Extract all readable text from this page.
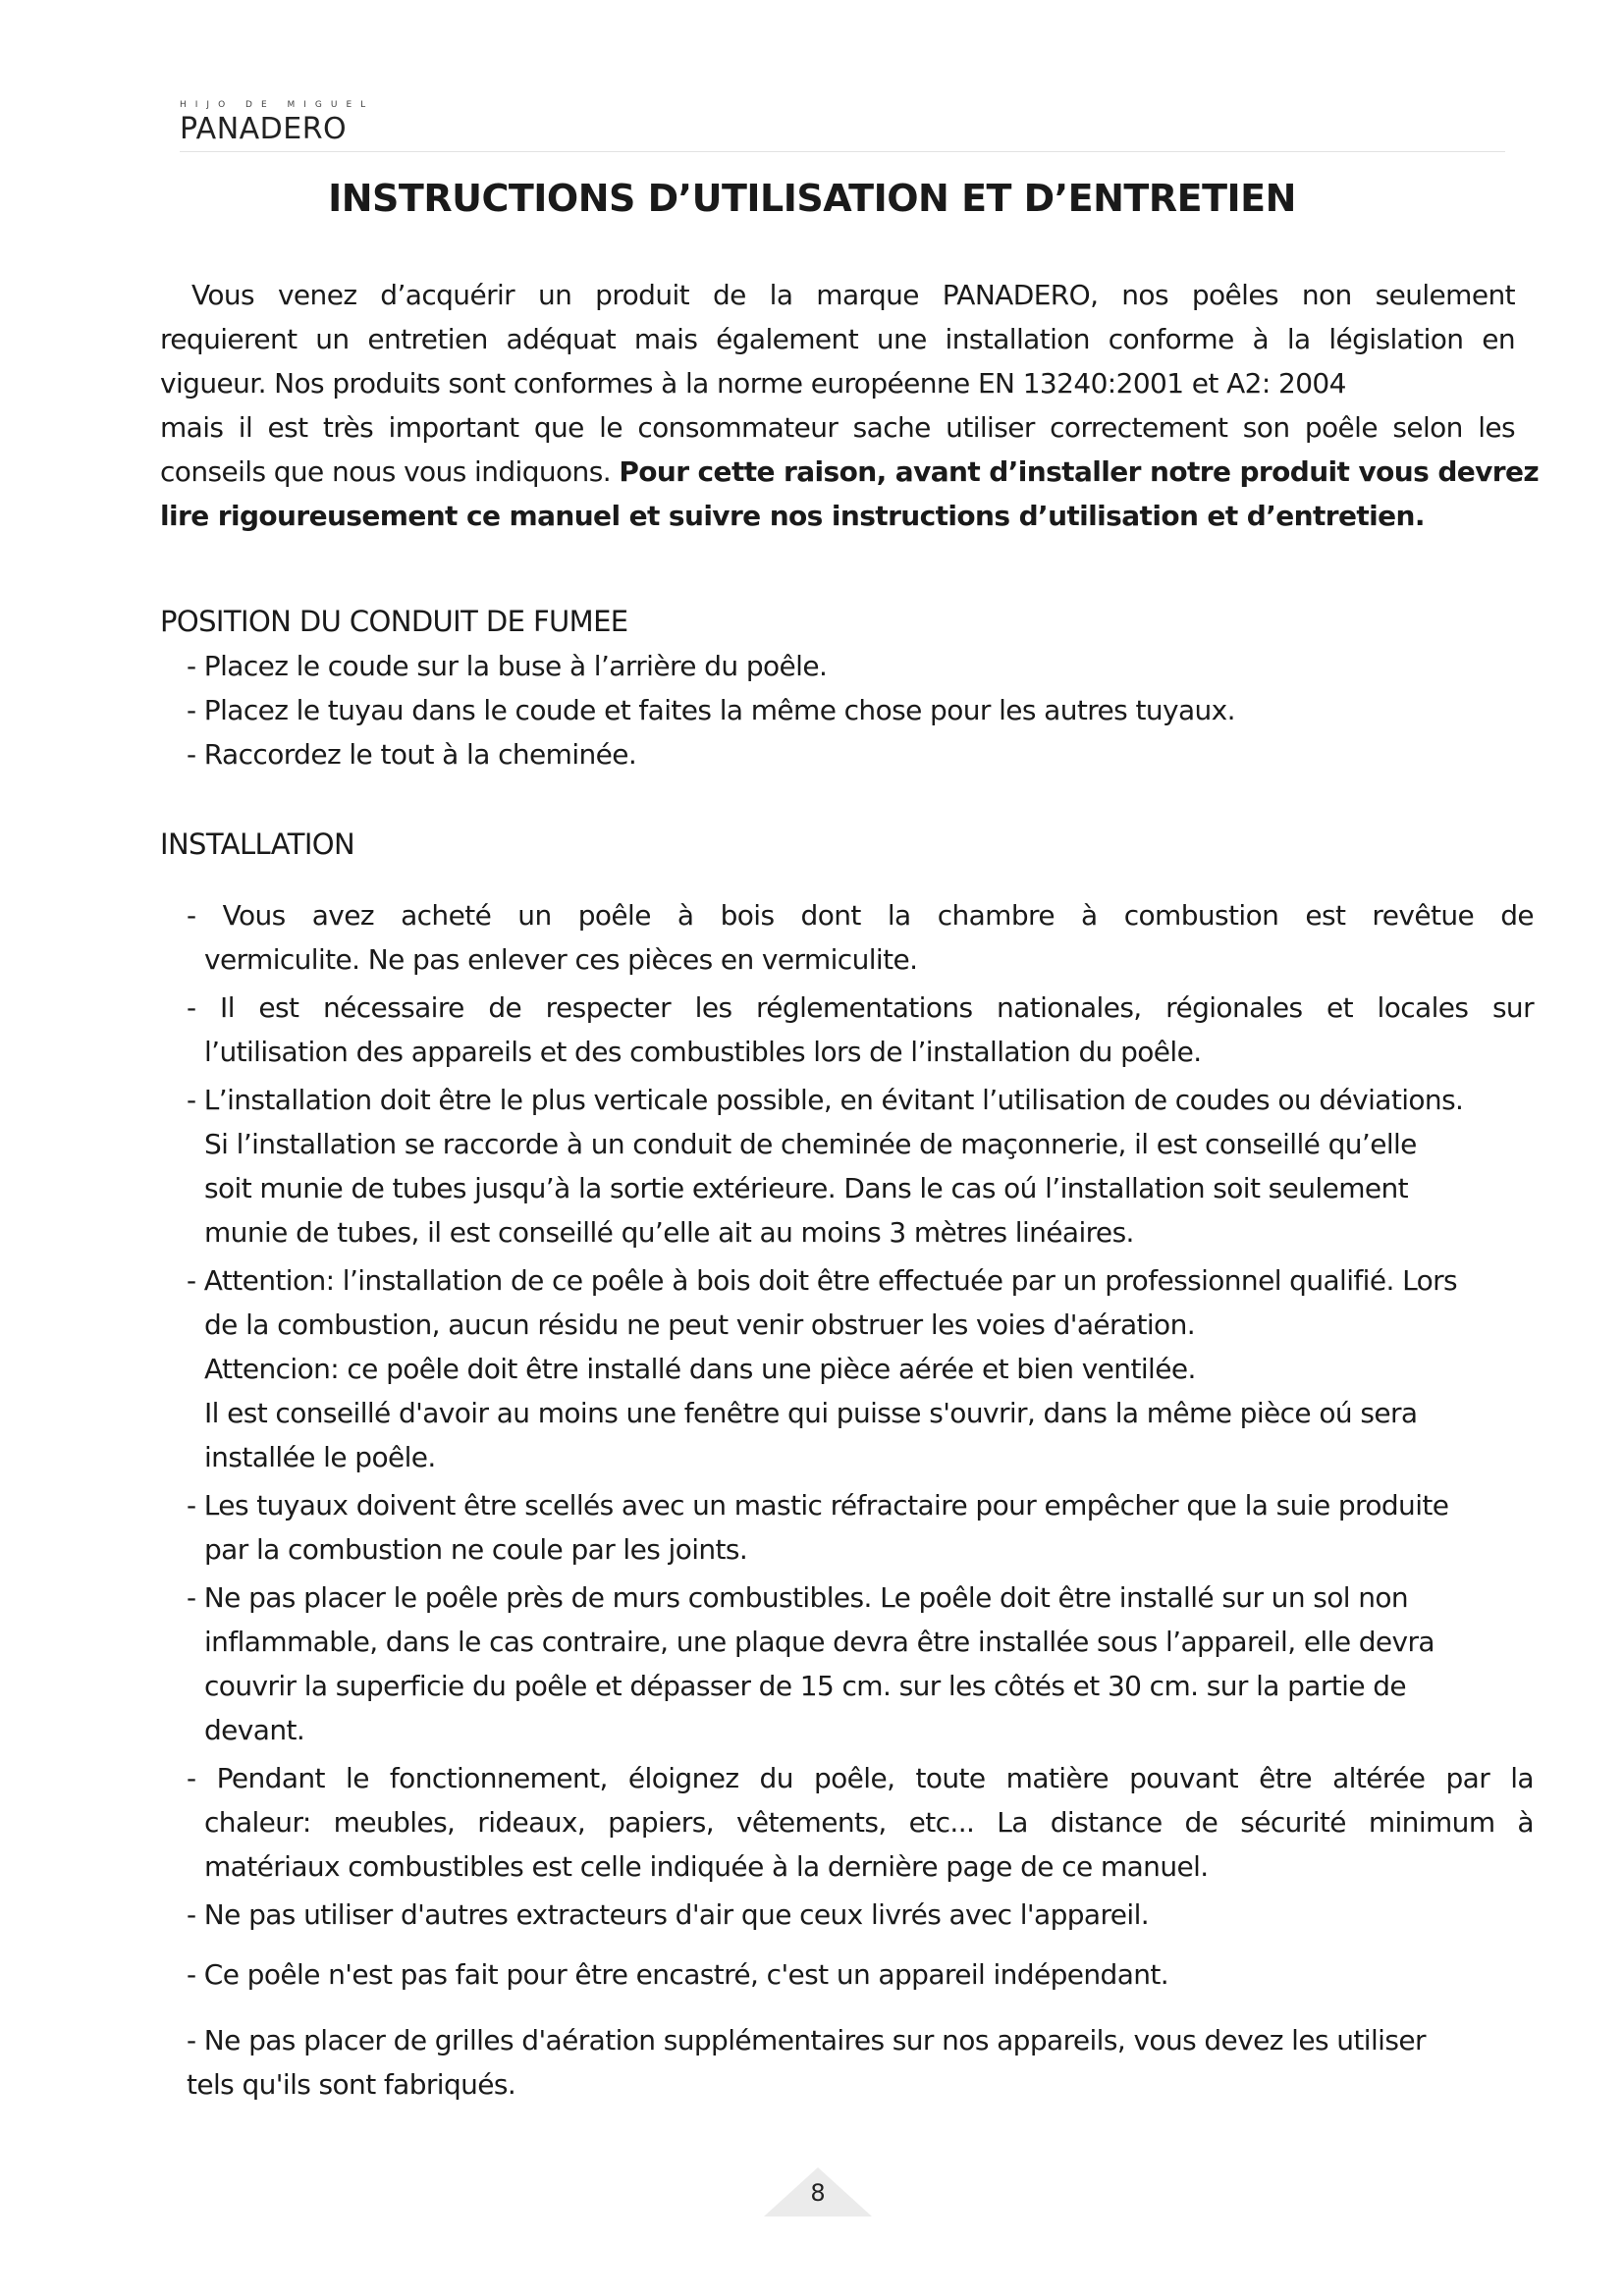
HIJO DE MIGUEL
PANADERO
INSTRUCTIONS D’UTILISATION ET D’ENTRETIEN
Vous venez d’acquérir un produit de la marque PANADERO, nos poêles non seulement
requierent un entretien adéquat mais également une installation conforme à la législation en
vigueur. Nos produits sont conformes à la norme européenne EN 13240:2001 et A2: 2004
mais il est très important que le consommateur sache utiliser correctement son poêle selon les
conseils que nous vous indiquons. Pour cette raison, avant d’installer notre produit vous devrez
lire rigoureusement ce manuel et suivre nos instructions d’utilisation et d’entretien.
POSITION DU CONDUIT DE FUMEE
- Placez le coude sur la buse à l’arrière du poêle.
- Placez le tuyau dans le coude et faites la même chose pour les autres tuyaux.
- Raccordez le tout à la cheminée.
INSTALLATION
- Vous avez acheté un poêle à bois dont la chambre à combustion est revêtue de
vermiculite. Ne pas enlever ces pièces en vermiculite.
- Il est nécessaire de respecter les réglementations nationales, régionales et locales sur
l’utilisation des appareils et des combustibles lors de l’installation du poêle.
- L’installation doit être le plus verticale possible, en évitant l’utilisation de coudes ou déviations.
Si l’installation se raccorde à un conduit de cheminée de maçonnerie, il est conseillé qu’elle
soit munie de tubes jusqu’à la sortie extérieure. Dans le cas oú l’installation soit seulement
munie de tubes, il est conseillé qu’elle ait au moins 3 mètres linéaires.
- Attention: l’installation de ce poêle à bois doit être effectuée par un professionnel qualifié. Lors
de la combustion, aucun résidu ne peut venir obstruer les voies d'aération.
Attencion: ce poêle doit être installé dans une pièce aérée et bien ventilée.
Il est conseillé d'avoir au moins une fenêtre qui puisse s'ouvrir, dans la même pièce oú sera
installée le poêle.
- Les tuyaux doivent être scellés avec un mastic réfractaire pour empêcher que la suie produite
par la combustion ne coule par les joints.
- Ne pas placer le poêle près de murs combustibles. Le poêle doit être installé sur un sol non
inflammable, dans le cas contraire, une plaque devra être installée sous l’appareil, elle devra
couvrir la superficie du poêle et dépasser de 15 cm. sur les côtés et 30 cm. sur la partie de
devant.
- Pendant le fonctionnement, éloignez du poêle, toute matière pouvant être altérée par la
chaleur: meubles, rideaux, papiers, vêtements, etc... La distance de sécurité minimum à
matériaux combustibles est celle indiquée à la dernière page de ce manuel.
- Ne pas utiliser d'autres extracteurs d'air que ceux livrés avec l'appareil.
- Ce poêle n'est pas fait pour être encastré, c'est un appareil indépendant.
- Ne pas placer de grilles d'aération supplémentaires sur nos appareils, vous devez les utiliser
tels qu'ils sont fabriqués.
8
